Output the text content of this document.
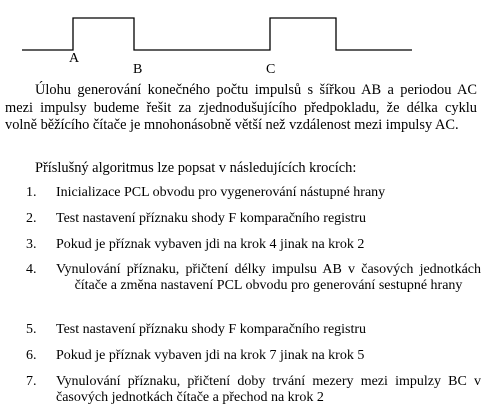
A
B	C

Úlohu generování konečného počtu impulsů s šířkou AB a periodou AC mezi impulsy budeme řešit za zjednodušujícího předpokladu, že délka cyklu volně běžícího čítače je mnohonásobně větší než vzdálenost mezi impulsy AC.

Příslušný algoritmus lze popsat v následujících krocích:

1. Inicializace PCL obvodu pro vygenerování nástupné hrany
2. Test nastavení příznaku shody F komparačního registru
3. Pokud je příznak vybaven jdi na krok 4 jinak na krok 2
4. Vynulování příznaku, přičtení délky impulsu AB v časových jednotkách čítače a změna nastavení PCL obvodu pro generování sestupné hrany
5. Test nastavení příznaku shody F komparačního registru
6. Pokud je příznak vybaven jdi na krok 7 jinak na krok 5
7. Vynulování příznaku, přičtení doby trvání mezery mezi impulzy BC v časových jednotkách čítače a přechod na krok 2
